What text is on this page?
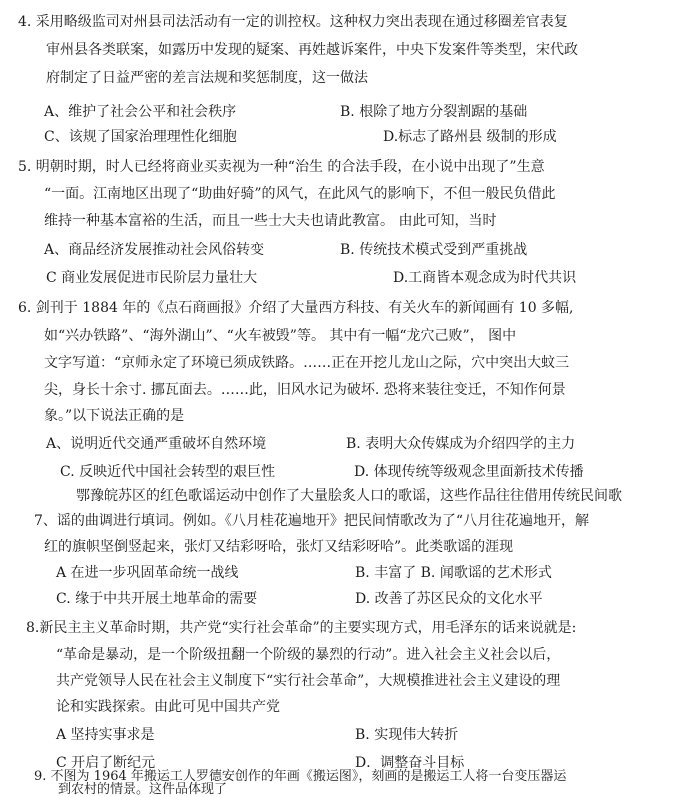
4. 采用略级监司对州县司法活动有一定的训控权。这种权力突出表现在通过移圈差官表复
审州县各类联案，如露历中发现的疑案、再姓越诉案件，中央下发案件等类型，宋代政
府制定了日益严密的差言法规和奖惩制度，这一做法
A、维护了社会公平和社会秩序	B. 根除了地方分裂割踞的基础
C、该规了国家治理理性化细胞	D.标志了路州县 级制的形成
5. 明朝时期，时人已经将商业买卖视为一种“治生 的合法手段，在小说中出现了”生意
“一面。江南地区出现了“助曲好骑”的风气，在此风气的影响下，不但一般民负借此
维持一种基本富裕的生活，而且一些士大夫也请此教富。 由此可知，当时
A、商品经济发展推动社会风俗转变	B. 传统技术模式受到严重挑战
C 商业发展促进市民阶层力量壮大	D.工商皆本观念成为时代共识
6. 剑刊于 1884 年的《点石商画报》介绍了大量西方科技、有关火车的新闻画有 10 多幅,
如“兴办铁路”、“海外湖山”、“火车被毁”等。 其中有一幅“龙穴己败”， 图中
文字写道：“京师永定了环境已须成铁路。……正在开挖儿龙山之际，穴中突出大蚊三
尖，身长十余寸. 挪瓦面去。……此，旧风水记为破坏. 恐将来装往变迁，不知作何景
象。”以下说法正确的是
A、说明近代交通严重破坏自然环境	B. 表明大众传媒成为介绍四学的主力
C. 反映近代中国社会转型的艰巨性	D. 体现传统等级观念里面新技术传播
鄂豫皖苏区的红色歌谣运动中创作了大量脍炙人口的歌谣，这些作品往往借用传统民间歌
7、谣的曲调进行填词。例如。《八月桂花遍地开》把民间情歌改为了“八月往花遍地开，解
红的旗帜坚倒竖起来，张灯又结彩呀哈，张灯又结彩呀哈”。此类歌谣的涯现
A 在进一步巩固革命统一战线	B. 丰富了 B. 闻歌谣的艺术形式
C. 缘于中共开展土地革命的需要	D. 改善了苏区民众的文化水平
8.新民主主义革命时期，共产党“实行社会革命”的主要实现方式，用毛泽东的话来说就是:
“革命是暴动，是一个阶级扭翻一个阶级的暴烈的行动”。进入社会主义社会以后，
共产党领导人民在社会主义制度下“实行社会革命”，大规模推进社会主义建设的理
论和实践探索。由此可见中国共产党
A 坚持实事求是	B. 实现伟大转折
C 开启了断纪元	D．调整奋斗目标
9. 不图为 1964 年搬运工人罗德安创作的年画《搬运图》，刻画的是搬运工人将一台变压器运
到农村的情景。这件品体现了
